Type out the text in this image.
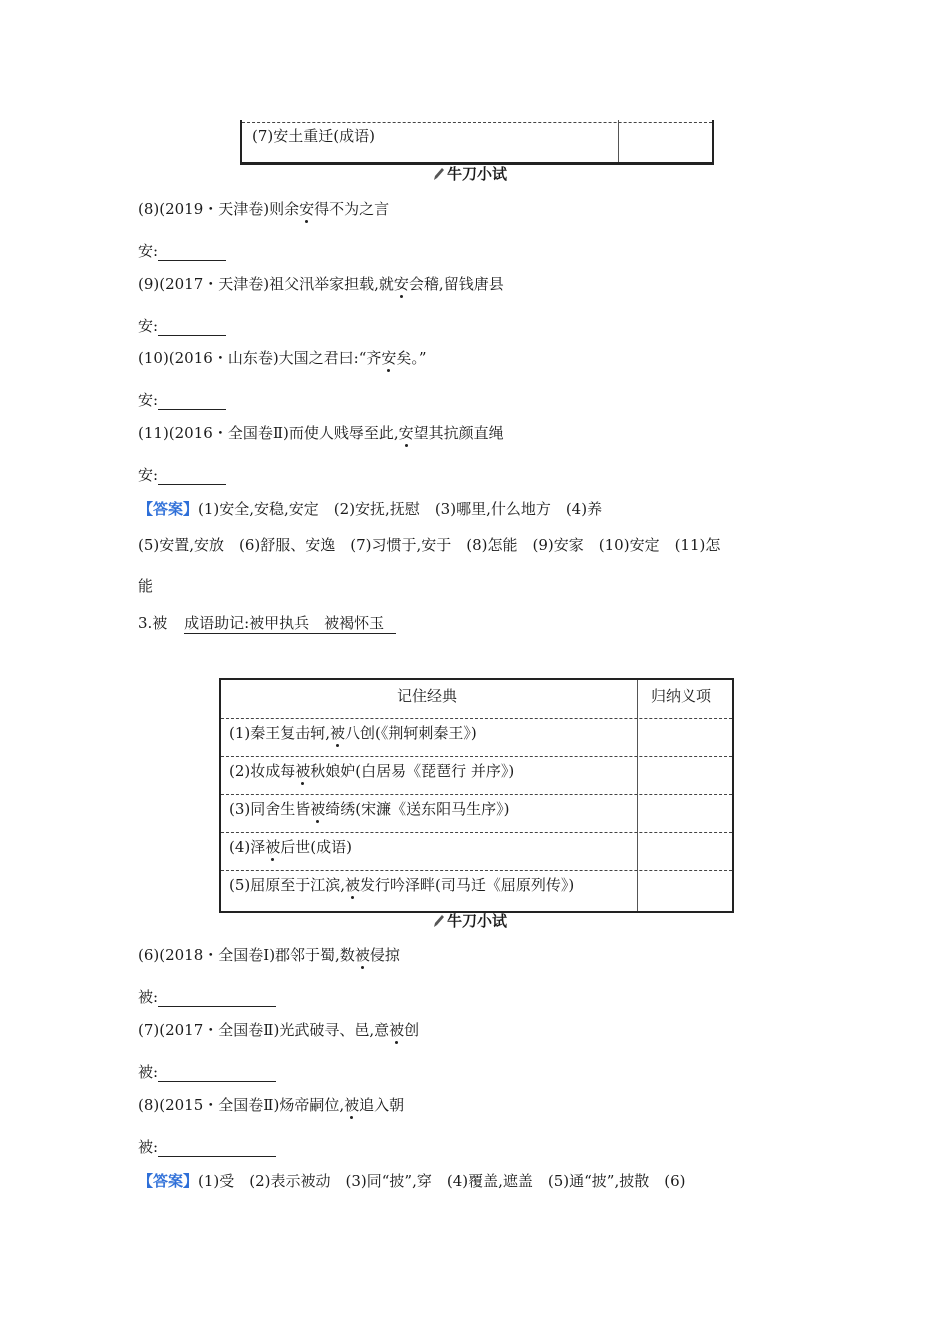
(7)安土重迁(成语)
牛刀小试
(8)(2019・天津卷)则余安得不为之言
安:
(9)(2017・天津卷)祖父汛举家担载,就安会稽,留钱唐县
安:
(10)(2016・山东卷)大国之君曰:“齐安矣。”
安:
(11)(2016・全国卷Ⅱ)而使人贱辱至此,安望其抗颜直绳
安:
【答案】(1)安全,安稳,安定　(2)安抚,抚慰　(3)哪里,什么地方　(4)养
(5)安置,安放　(6)舒服、安逸　(7)习惯于,安于　(8)怎能　(9)安家　(10)安定　(11)怎
能
3.被 成语助记:被甲执兵　被褐怀玉
记住经典	归纳义项
(1)秦王复击轲,被八创(《荆轲刺秦王》)
(2)妆成每被秋娘妒(白居易《琵琶行 并序》)
(3)同舍生皆被绮绣(宋濂《送东阳马生序》)
(4)泽被后世(成语)
(5)屈原至于江滨,被发行吟泽畔(司马迁《屈原列传》)
牛刀小试
(6)(2018・全国卷Ⅰ)郡邻于蜀,数被侵掠
被:
(7)(2017・全国卷Ⅱ)光武破寻、邑,意被创
被:
(8)(2015・全国卷Ⅱ)炀帝嗣位,被追入朝
被:
【答案】(1)受　(2)表示被动　(3)同“披”,穿　(4)覆盖,遮盖　(5)通“披”,披散　(6)
